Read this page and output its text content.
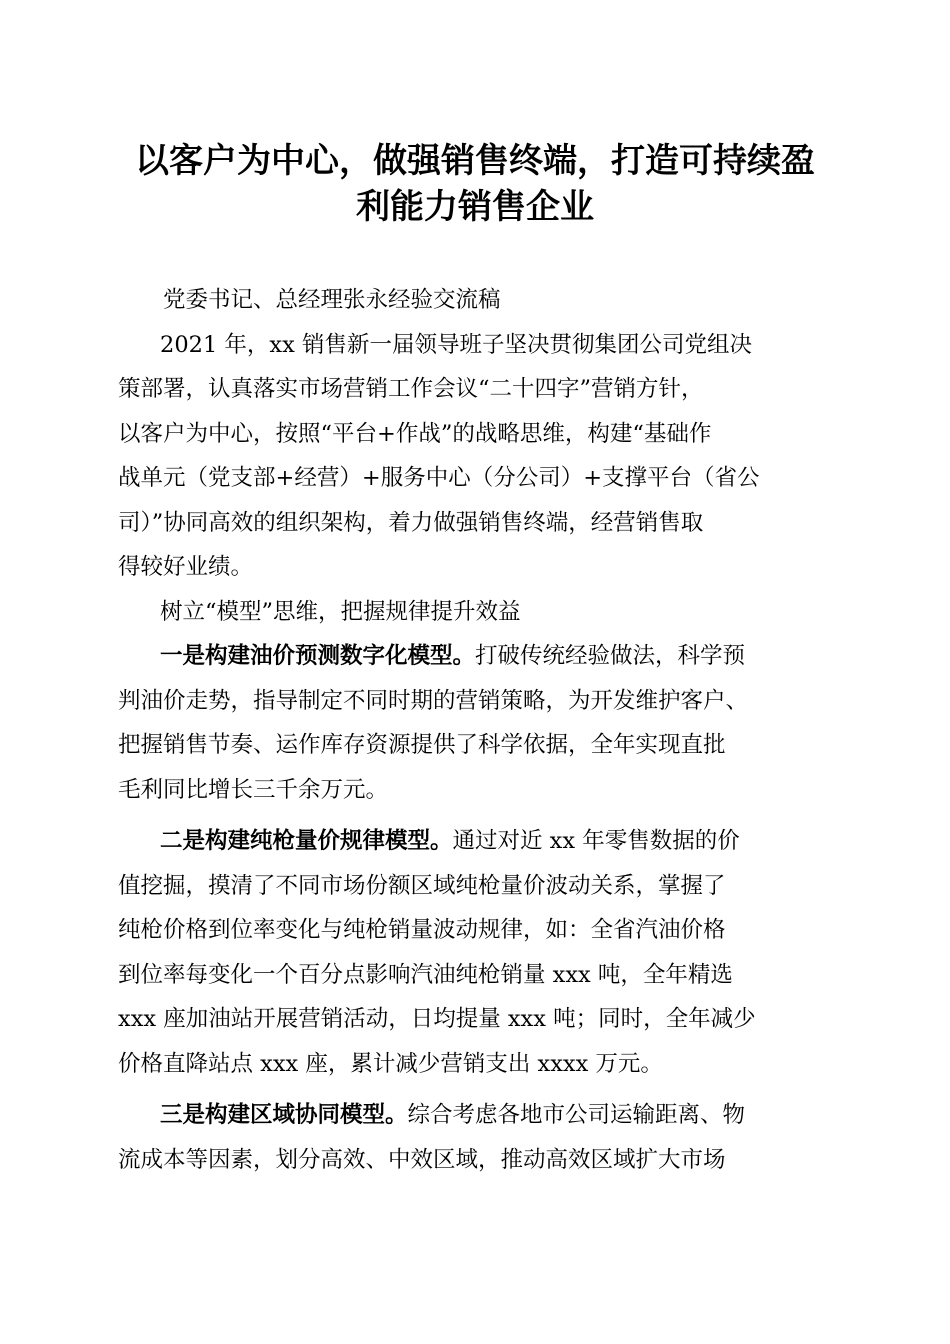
以客户为中心，做强销售终端，打造可持续盈
利能力销售企业

党委书记、总经理张永经验交流稿

2021 年，xx 销售新一届领导班子坚决贯彻集团公司党组决
策部署，认真落实市场营销工作会议“二十四字”营销方针，
以客户为中心，按照“平台+作战”的战略思维，构建“基础作
战单元（党支部+经营）+服务中心（分公司）+支撑平台（省公
司）”协同高效的组织架构，着力做强销售终端，经营销售取
得较好业绩。

树立“模型”思维，把握规律提升效益

一是构建油价预测数字化模型。打破传统经验做法，科学预
判油价走势，指导制定不同时期的营销策略，为开发维护客户、
把握销售节奏、运作库存资源提供了科学依据，全年实现直批
毛利同比增长三千余万元。

二是构建纯枪量价规律模型。通过对近 xx 年零售数据的价
值挖掘，摸清了不同市场份额区域纯枪量价波动关系，掌握了
纯枪价格到位率变化与纯枪销量波动规律，如：全省汽油价格
到位率每变化一个百分点影响汽油纯枪销量 xxx 吨，全年精选
xxx 座加油站开展营销活动，日均提量 xxx 吨；同时，全年减少
价格直降站点 xxx 座，累计减少营销支出 xxxx 万元。

三是构建区域协同模型。综合考虑各地市公司运输距离、物
流成本等因素，划分高效、中效区域，推动高效区域扩大市场
